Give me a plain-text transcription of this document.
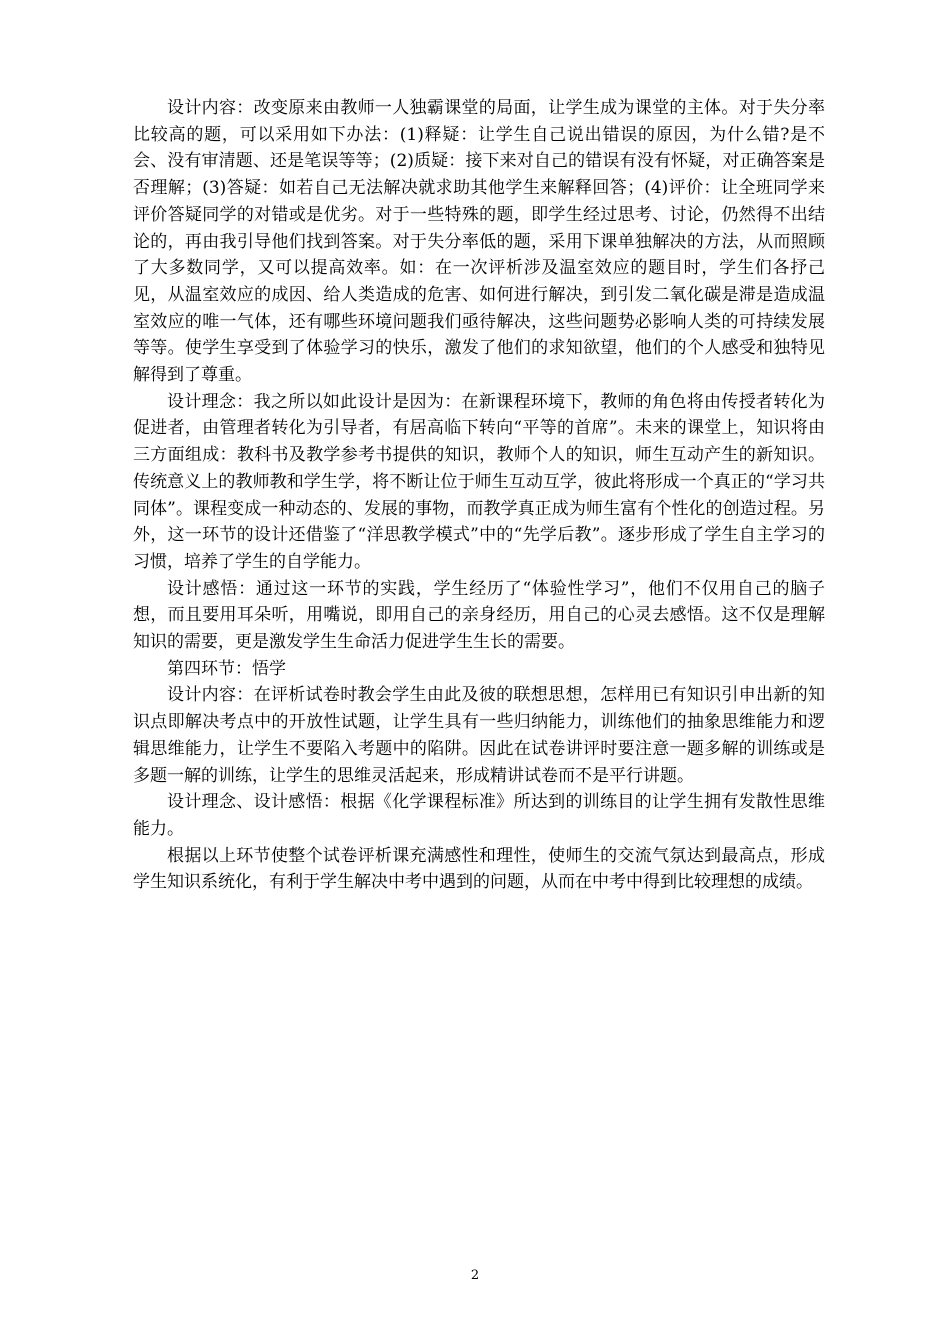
设计内容：改变原来由教师一人独霸课堂的局面，让学生成为课堂的主体。对于失分率比较高的题，可以采用如下办法：(1)释疑：让学生自己说出错误的原因，为什么错?是不会、没有审清题、还是笔误等等；(2)质疑：接下来对自己的错误有没有怀疑，对正确答案是否理解；(3)答疑：如若自己无法解决就求助其他学生来解释回答；(4)评价：让全班同学来评价答疑同学的对错或是优劣。对于一些特殊的题，即学生经过思考、讨论，仍然得不出结论的，再由我引导他们找到答案。对于失分率低的题，采用下课单独解决的方法，从而照顾了大多数同学，又可以提高效率。如：在一次评析涉及温室效应的题目时，学生们各抒己见，从温室效应的成因、给人类造成的危害、如何进行解决，到引发二氧化碳是滞是造成温室效应的唯一气体，还有哪些环境问题我们亟待解决，这些问题势必影响人类的可持续发展等等。使学生享受到了体验学习的快乐，激发了他们的求知欲望，他们的个人感受和独特见解得到了尊重。

设计理念：我之所以如此设计是因为：在新课程环境下，教师的角色将由传授者转化为促进者，由管理者转化为引导者，有居高临下转向“平等的首席”。未来的课堂上，知识将由三方面组成：教科书及教学参考书提供的知识，教师个人的知识，师生互动产生的新知识。传统意义上的教师教和学生学，将不断让位于师生互动互学，彼此将形成一个真正的“学习共同体”。课程变成一种动态的、发展的事物，而教学真正成为师生富有个性化的创造过程。另外，这一环节的设计还借鉴了“洋思教学模式”中的“先学后教”。逐步形成了学生自主学习的习惯，培养了学生的自学能力。

设计感悟：通过这一环节的实践，学生经历了“体验性学习”，他们不仅用自己的脑子想，而且要用耳朵听，用嘴说，即用自己的亲身经历，用自己的心灵去感悟。这不仅是理解知识的需要，更是激发学生生命活力促进学生生长的需要。

第四环节：悟学

设计内容：在评析试卷时教会学生由此及彼的联想思想，怎样用已有知识引申出新的知识点即解决考点中的开放性试题，让学生具有一些归纳能力，训练他们的抽象思维能力和逻辑思维能力，让学生不要陷入考题中的陷阱。因此在试卷讲评时要注意一题多解的训练或是多题一解的训练，让学生的思维灵活起来，形成精讲试卷而不是平行讲题。

设计理念、设计感悟：根据《化学课程标准》所达到的训练目的让学生拥有发散性思维能力。

根据以上环节使整个试卷评析课充满感性和理性，使师生的交流气氛达到最高点，形成学生知识系统化，有利于学生解决中考中遇到的问题，从而在中考中得到比较理想的成绩。

2
